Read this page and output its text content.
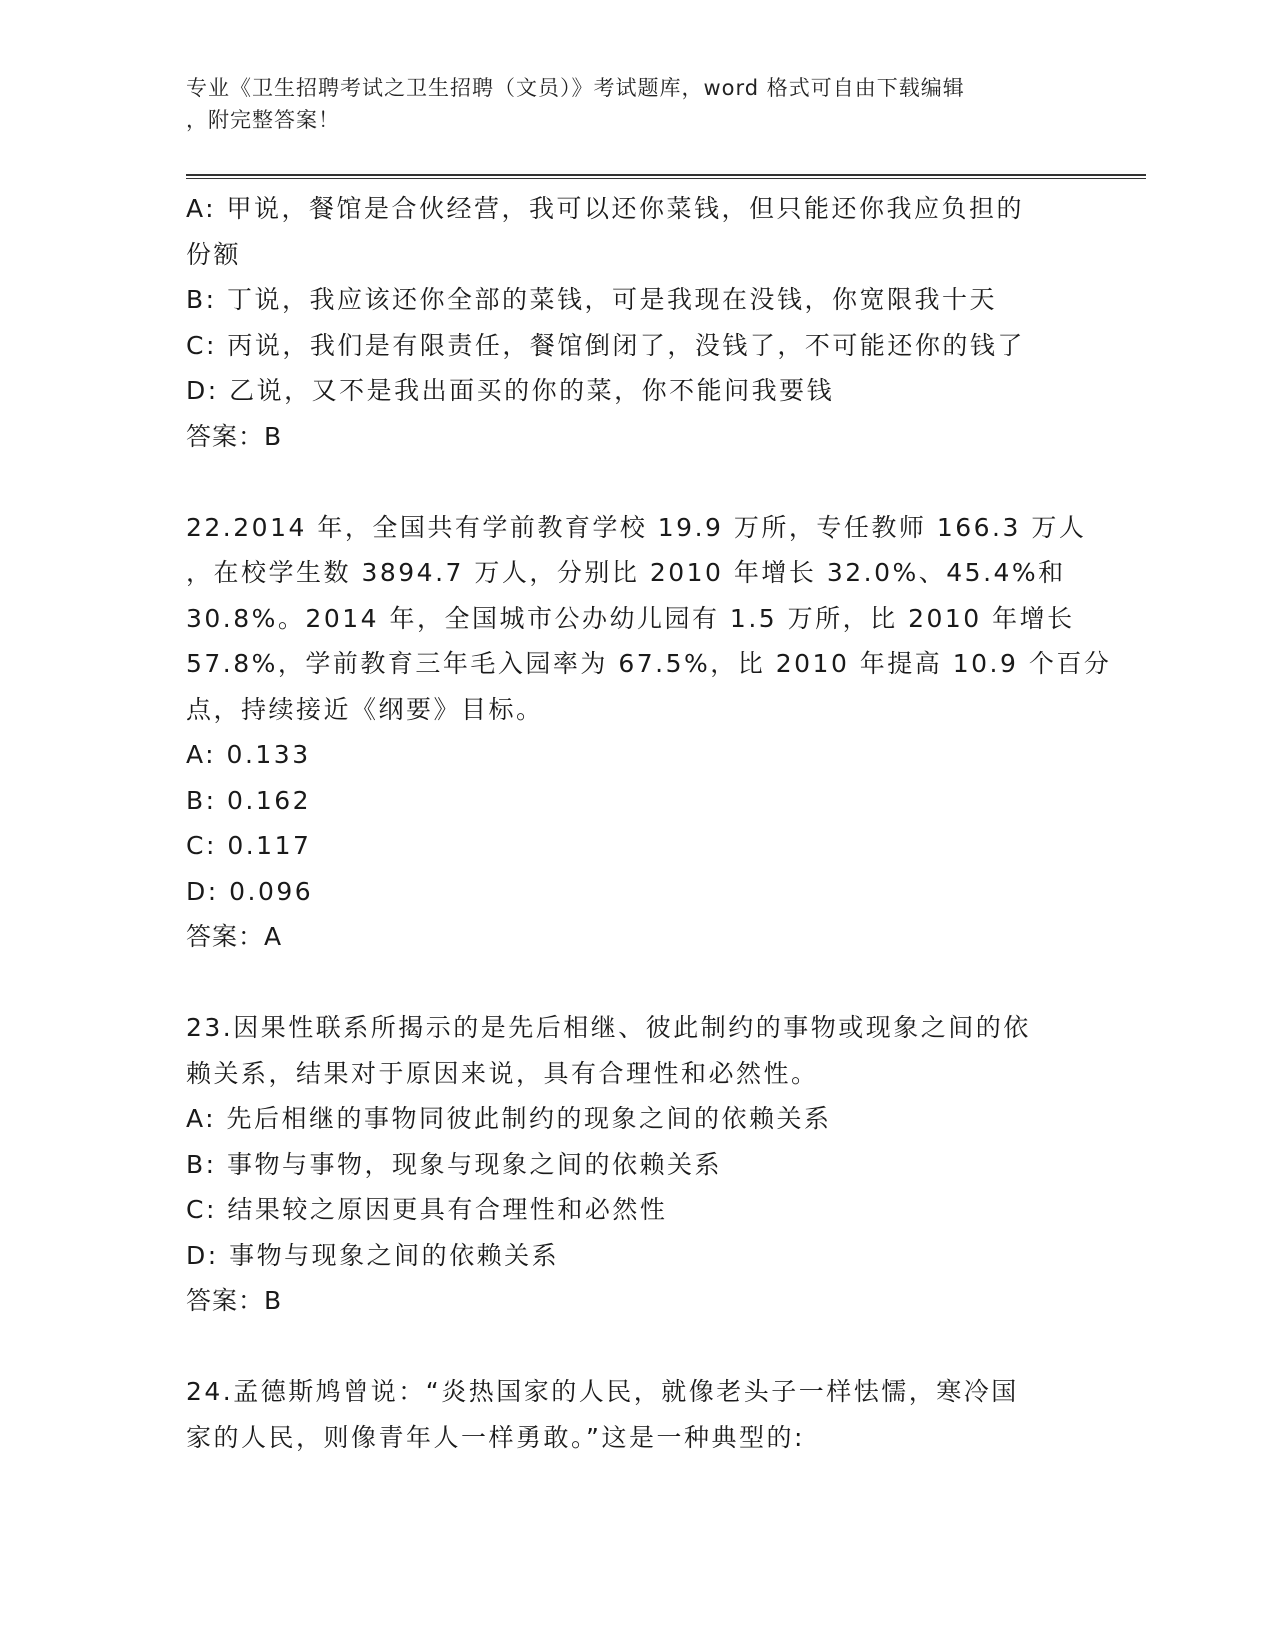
专业《卫生招聘考试之卫生招聘（文员）》考试题库，word 格式可自由下载编辑
，附完整答案！
A: 甲说，餐馆是合伙经营，我可以还你菜钱，但只能还你我应负担的
份额
B: 丁说，我应该还你全部的菜钱，可是我现在没钱，你宽限我十天
C: 丙说，我们是有限责任，餐馆倒闭了，没钱了，不可能还你的钱了
D: 乙说，又不是我出面买的你的菜，你不能问我要钱
答案：B
22.2014 年，全国共有学前教育学校 19.9 万所，专任教师 166.3 万人
，在校学生数 3894.7 万人，分别比 2010 年增长 32.0%、45.4%和
30.8%。2014 年，全国城市公办幼儿园有 1.5 万所，比 2010 年增长
57.8%，学前教育三年毛入园率为 67.5%，比 2010 年提高 10.9 个百分
点，持续接近《纲要》目标。
A: 0.133
B: 0.162
C: 0.117
D: 0.096
答案：A
23.因果性联系所揭示的是先后相继、彼此制约的事物或现象之间的依
赖关系，结果对于原因来说，具有合理性和必然性。
A: 先后相继的事物同彼此制约的现象之间的依赖关系
B: 事物与事物，现象与现象之间的依赖关系
C: 结果较之原因更具有合理性和必然性
D: 事物与现象之间的依赖关系
答案：B
24.孟德斯鸠曾说：“炎热国家的人民，就像老头子一样怯懦，寒冷国
家的人民，则像青年人一样勇敢。”这是一种典型的:
